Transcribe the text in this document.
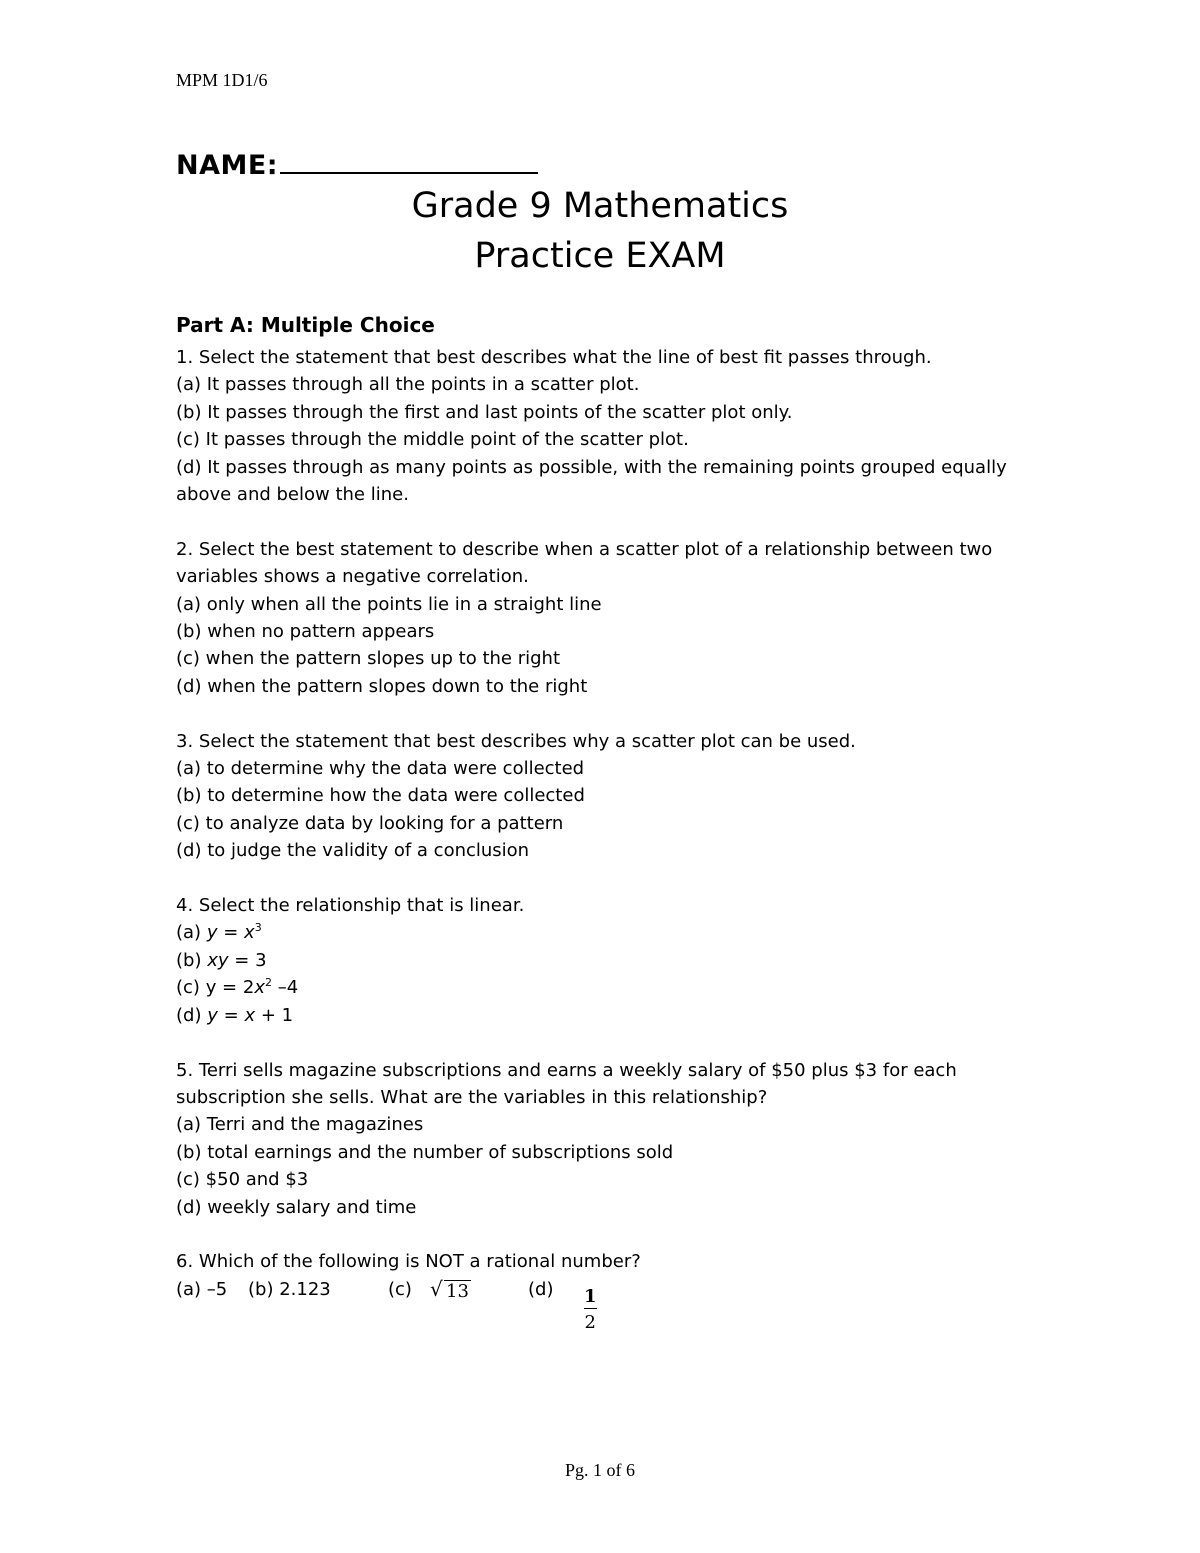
MPM 1D1/6
NAME:
Grade 9 Mathematics
Practice EXAM
Part A: Multiple Choice
1. Select the statement that best describes what the line of best fit passes through.
(a) It passes through all the points in a scatter plot.
(b) It passes through the first and last points of the scatter plot only.
(c) It passes through the middle point of the scatter plot.
(d) It passes through as many points as possible, with the remaining points grouped equally
above and below the line.
2. Select the best statement to describe when a scatter plot of a relationship between two
variables shows a negative correlation.
(a) only when all the points lie in a straight line
(b) when no pattern appears
(c) when the pattern slopes up to the right
(d) when the pattern slopes down to the right
3. Select the statement that best describes why a scatter plot can be used.
(a) to determine why the data were collected
(b) to determine how the data were collected
(c) to analyze data by looking for a pattern
(d) to judge the validity of a conclusion
4. Select the relationship that is linear.
(a) $y = x^3$
(b) xy = 3
(c) $y = 2x^2$ –4
(d) y = x + 1
5. Terri sells magazine subscriptions and earns a weekly salary of $50 plus $3 for each
subscription she sells. What are the variables in this relationship?
(a) Terri and the magazines
(b) total earnings and the number of subscriptions sold
(c) $50 and $3
(d) weekly salary and time
6. Which of the following is NOT a rational number?
(a) –5 (b) 2.123	(c) √ 13	$(d) \frac{1}{2}$
Pg. 1 of 6
